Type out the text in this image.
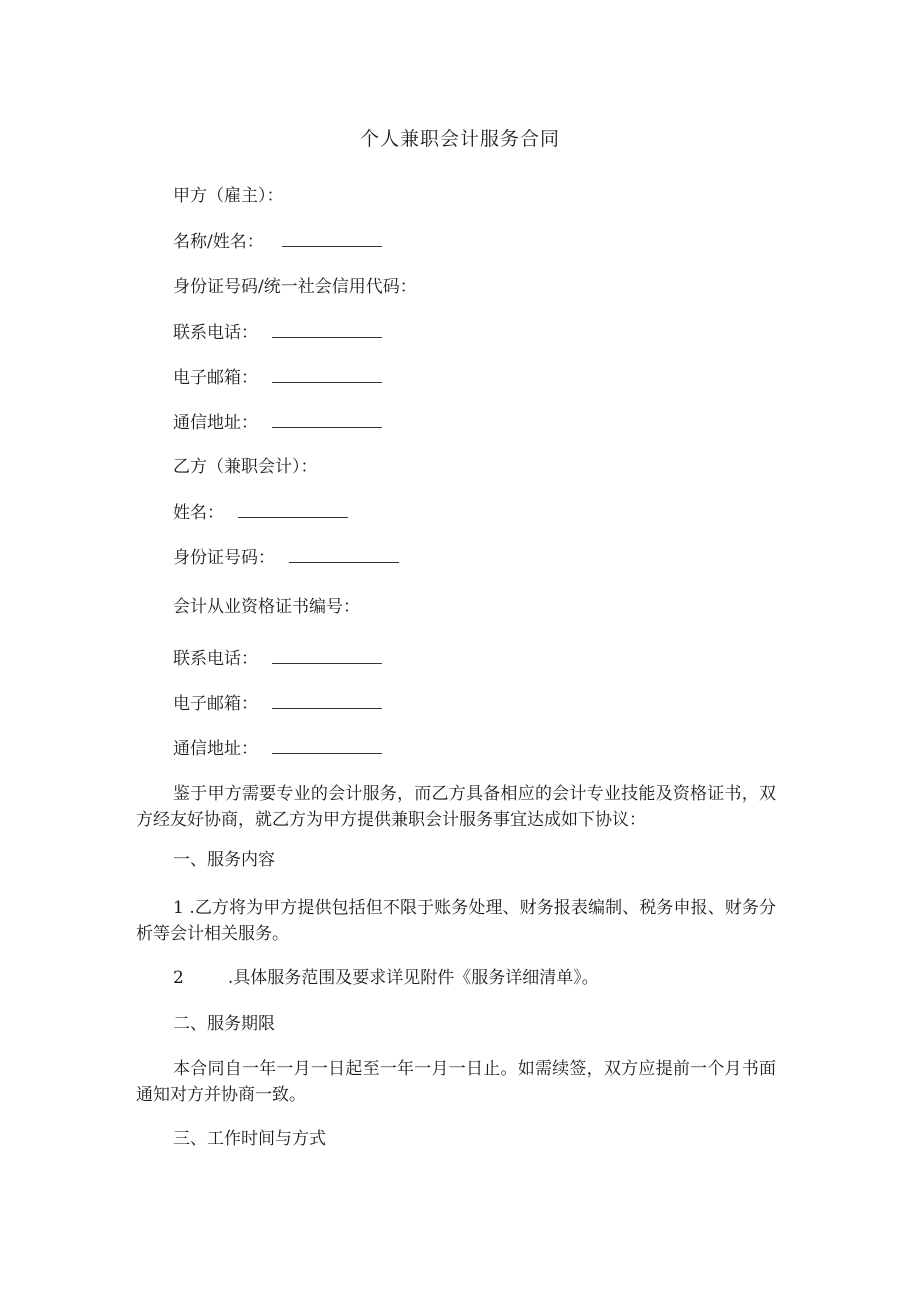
个人兼职会计服务合同
甲方（雇主）：
名称/姓名：
身份证号码/统一社会信用代码：
联系电话：
电子邮箱：
通信地址：
乙方（兼职会计）：
姓名：
身份证号码：
会计从业资格证书编号：
联系电话：
电子邮箱：
通信地址：
鉴于甲方需要专业的会计服务，而乙方具备相应的会计专业技能及资格证书，双方经友好协商，就乙方为甲方提供兼职会计服务事宜达成如下协议：
一、服务内容
1 .乙方将为甲方提供包括但不限于账务处理、财务报表编制、税务申报、财务分析等会计相关服务。
2	.具体服务范围及要求详见附件《服务详细清单》。
二、服务期限
本合同自一年一月一日起至一年一月一日止。如需续签，双方应提前一个月书面通知对方并协商一致。
三、工作时间与方式
